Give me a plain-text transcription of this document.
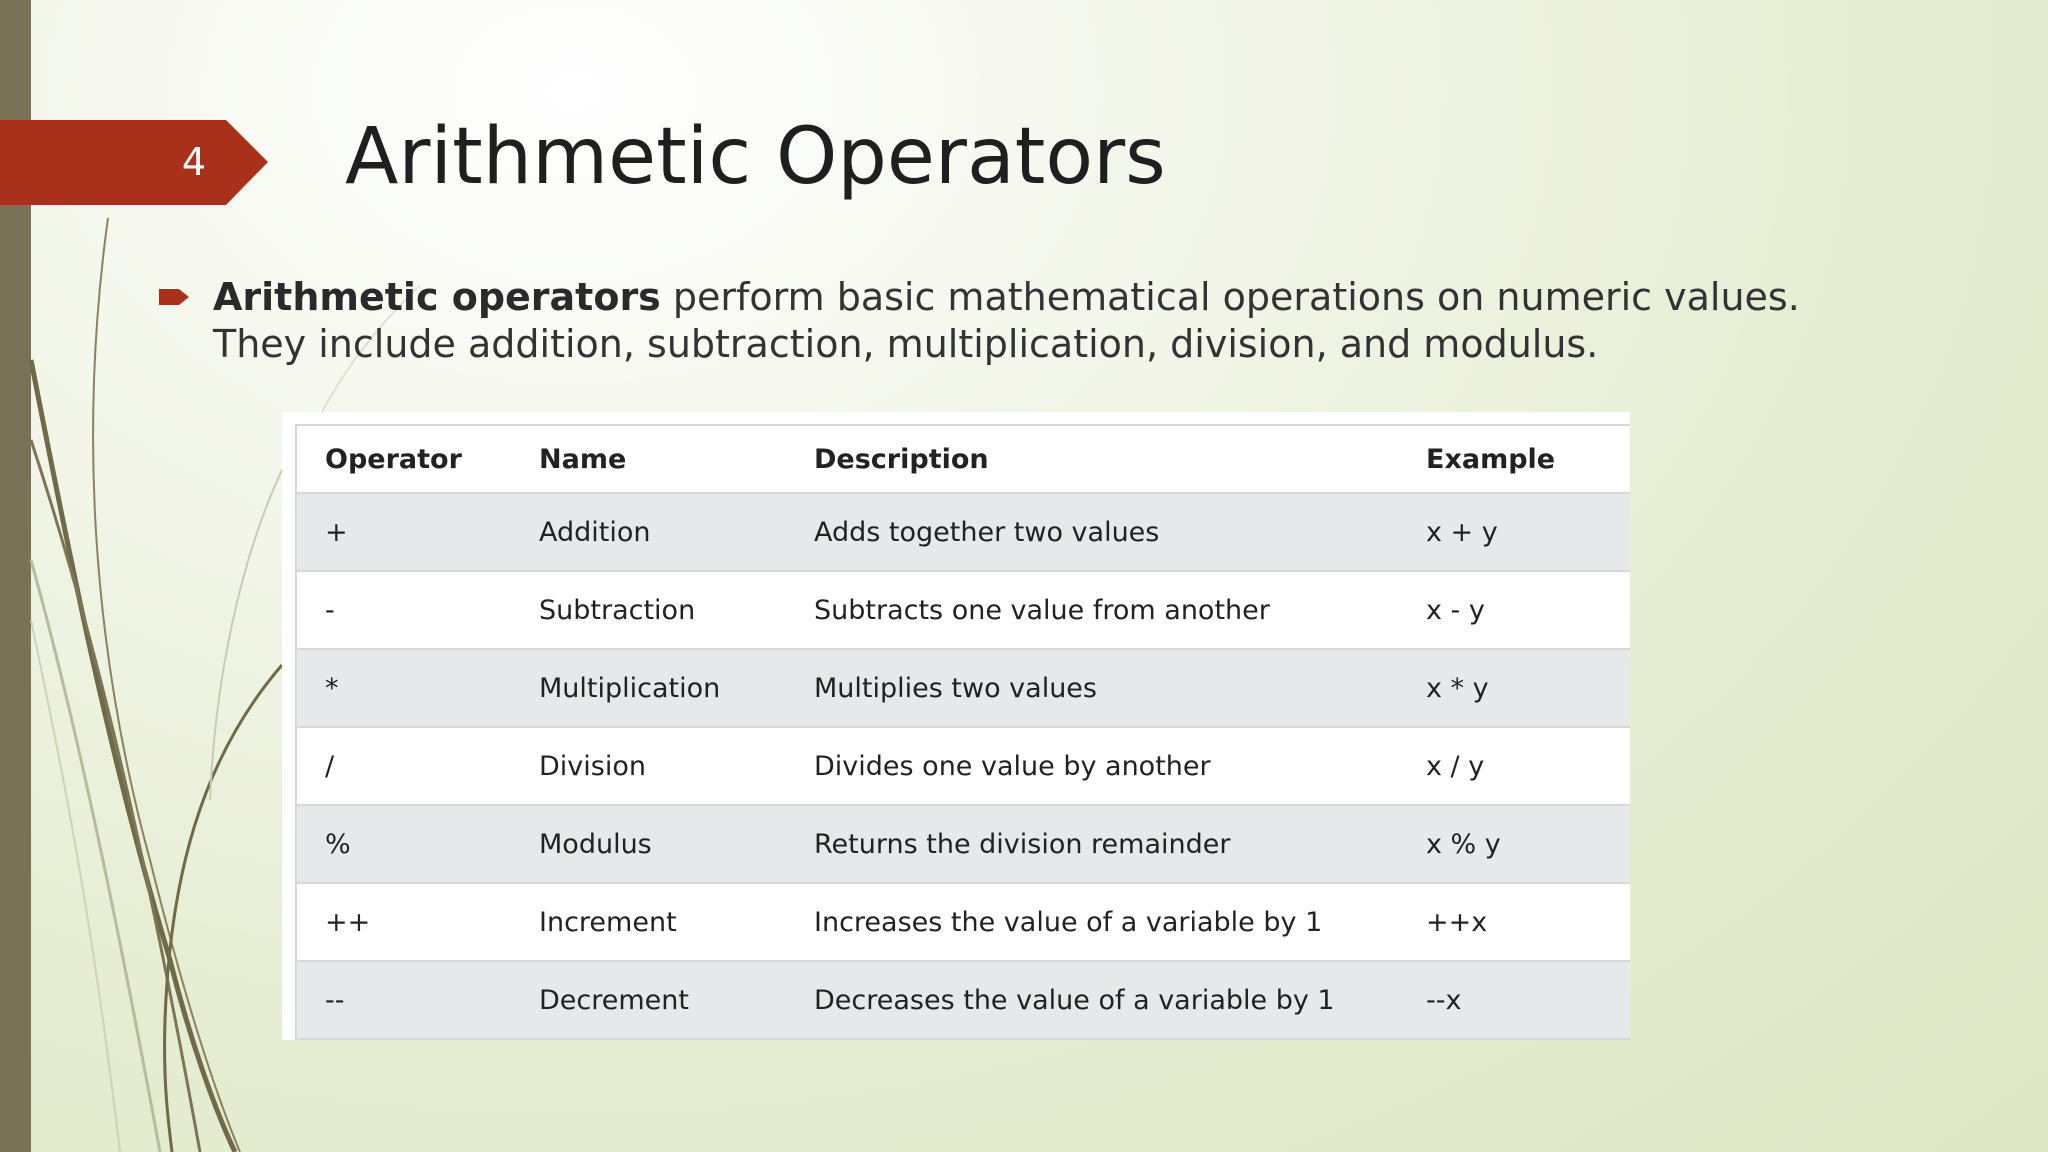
4 Arithmetic Operators

Arithmetic operators perform basic mathematical operations on numeric values. They include addition, subtraction, multiplication, division, and modulus.

Operator	Name	Description	Example
+	Addition	Adds together two values	x + y
-	Subtraction	Subtracts one value from another	x - y
*	Multiplication	Multiplies two values	x * y
/	Division	Divides one value by another	x / y
%	Modulus	Returns the division remainder	x % y
++	Increment	Increases the value of a variable by 1	++x
--	Decrement	Decreases the value of a variable by 1	--x
